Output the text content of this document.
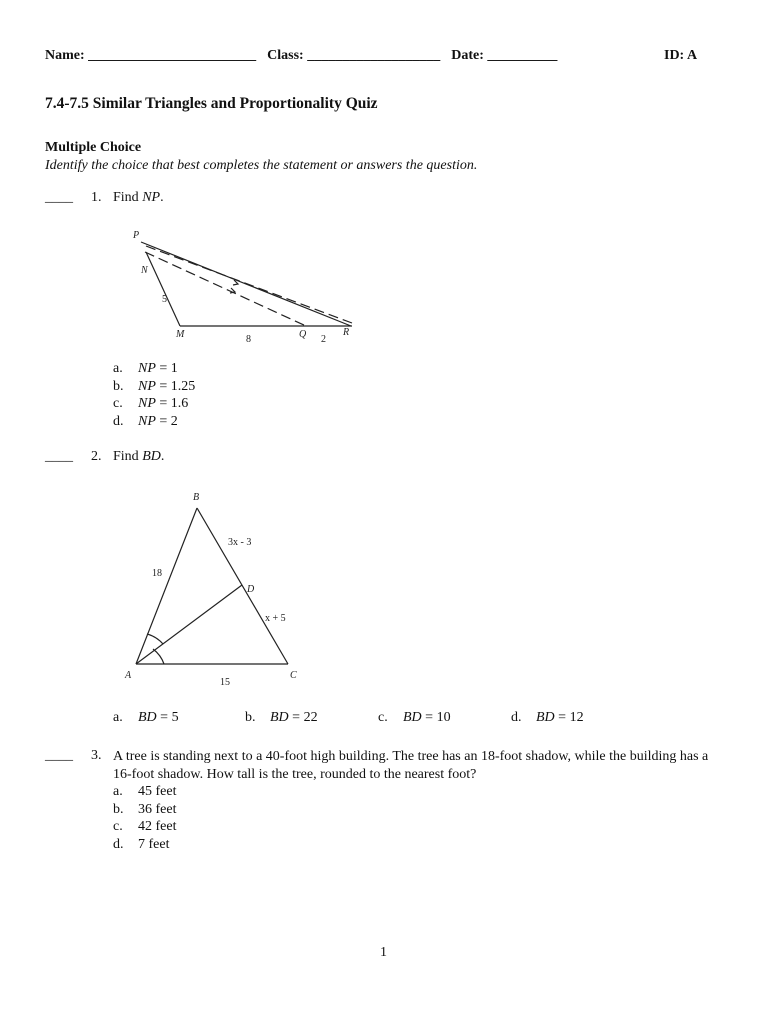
Name: ________________________ Class: ___________________ Date: __________	ID: A
7.4-7.5 Similar Triangles and Proportionality Quiz
Multiple Choice
Identify the choice that best completes the statement or answers the question.
____ 1. Find NP.
P
N
M	Q	R
5
8	2
a. NP = 1
b. NP = 1.25
c. NP = 1.6
d. NP = 2
____ 2. Find BD.
B
D
A	C
18
3x - 3
x + 5
15
a. BD = 5	b. BD = 22	c. BD = 10	d. BD = 12
____ 3. A tree is standing next to a 40-foot high building. The tree has an 18-foot shadow, while the building has a
16-foot shadow. How tall is the tree, rounded to the nearest foot?
a. 45 feet
b. 36 feet
c. 42 feet
d. 7 feet
1
